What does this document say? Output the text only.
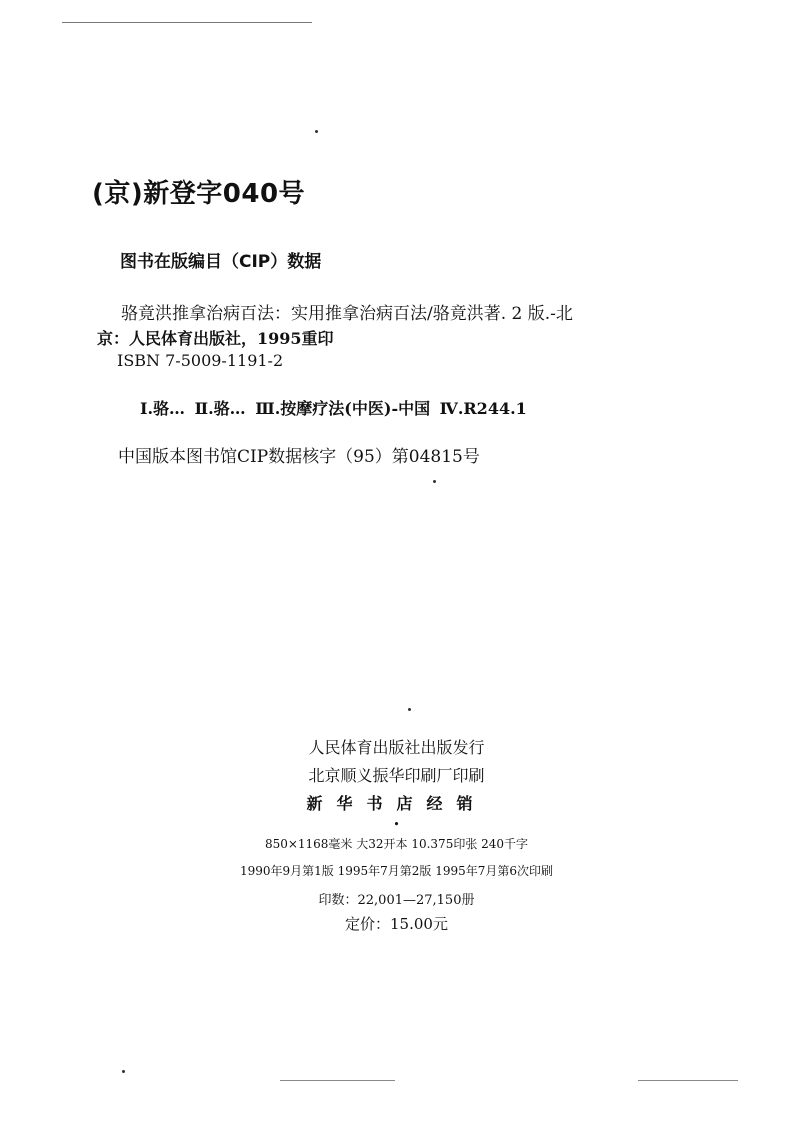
(京)新登字040号
图书在版编目（CIP）数据
骆竟洪推拿治病百法：实用推拿治病百法/骆竟洪著. 2 版.-北
京：人民体育出版社，1995重印
ISBN 7-5009-1191-2
Ⅰ.骆… Ⅱ.骆… Ⅲ.按摩疗法(中医)-中国 Ⅳ.R244.1
中国版本图书馆CIP数据核字（95）第04815号
人民体育出版社出版发行
北京顺义振华印刷厂印刷
新华书店经销
•
850×1168毫米 大32开本 10.375印张 240千字
1990年9月第1版 1995年7月第2版 1995年7月第6次印刷
印数：22,001—27,150册
定价：15.00元
